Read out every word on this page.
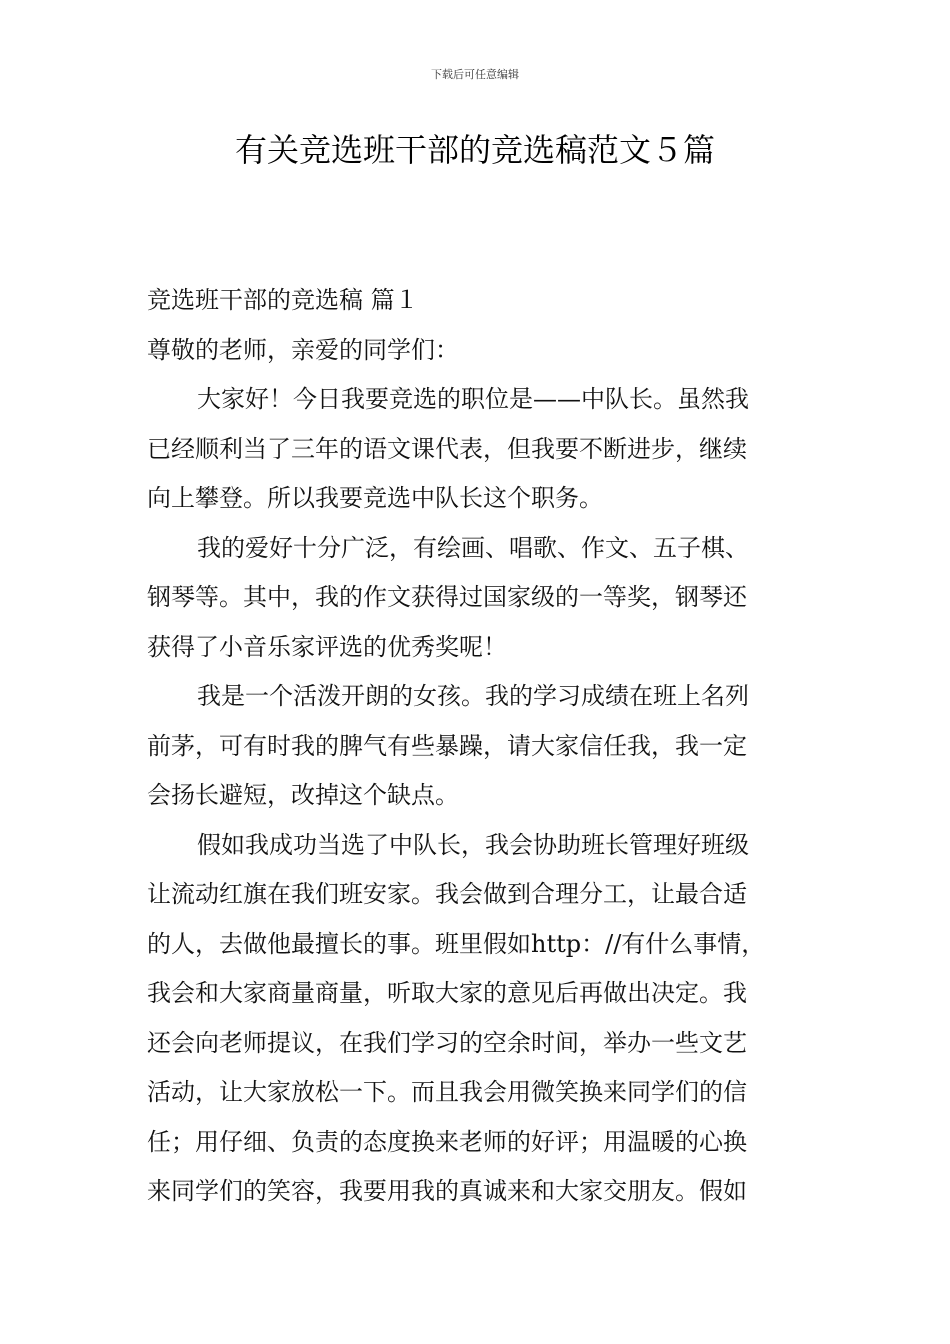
下载后可任意编辑
有关竞选班干部的竞选稿范文５篇
竞选班干部的竞选稿 篇１
尊敬的老师，亲爱的同学们：
大家好！今日我要竞选的职位是——中队长。虽然我
已经顺利当了三年的语文课代表，但我要不断进步，继续
向上攀登。所以我要竞选中队长这个职务。
我的爱好十分广泛，有绘画、唱歌、作文、五子棋、
钢琴等。其中，我的作文获得过国家级的一等奖，钢琴还
获得了小音乐家评选的优秀奖呢！
我是一个活泼开朗的女孩。我的学习成绩在班上名列
前茅，可有时我的脾气有些暴躁，请大家信任我，我一定
会扬长避短，改掉这个缺点。
假如我成功当选了中队长，我会协助班长管理好班级
让流动红旗在我们班安家。我会做到合理分工，让最合适
的人，去做他最擅长的事。班里假如http：//有什么事情，
我会和大家商量商量，听取大家的意见后再做出决定。我
还会向老师提议，在我们学习的空余时间，举办一些文艺
活动，让大家放松一下。而且我会用微笑换来同学们的信
任；用仔细、负责的态度换来老师的好评；用温暖的心换
来同学们的笑容，我要用我的真诚来和大家交朋友。假如
